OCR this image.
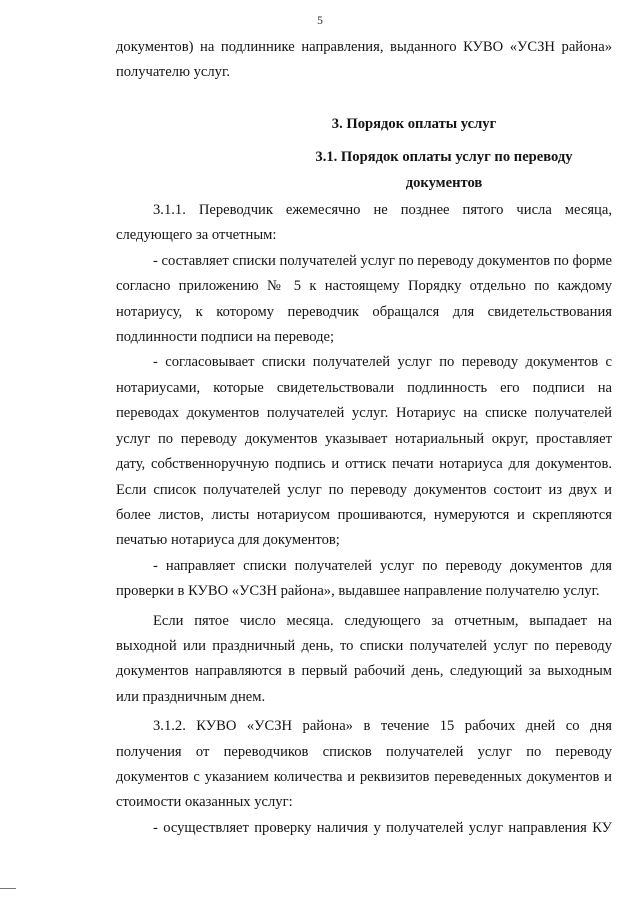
5

документов) на подлиннике направления, выданного КУВО «УСЗН района» получателю услуг.

3. Порядок оплаты услуг
3.1. Порядок оплаты услуг по переводу документов

3.1.1. Переводчик ежемесячно не позднее пятого числа месяца, следующего за отчетным:

- составляет списки получателей услуг по переводу документов по форме согласно приложению № 5 к настоящему Порядку отдельно по каждому нотариусу, к которому переводчик обращался для свидетельствования подлинности подписи на переводе;

- согласовывает списки получателей услуг по переводу документов с нотариусами, которые свидетельствовали подлинность его подписи на переводах документов получателей услуг. Нотариус на списке получателей услуг по переводу документов указывает нотариальный округ, проставляет дату, собственноручную подпись и оттиск печати нотариуса для документов. Если список получателей услуг по переводу документов состоит из двух и более листов, листы нотариусом прошиваются, нумеруются и скрепляются печатью нотариуса для документов;

- направляет списки получателей услуг по переводу документов для проверки в КУВО «УСЗН района», выдавшее направление получателю услуг.

Если пятое число месяца. следующего за отчетным, выпадает на выходной или праздничный день, то списки получателей услуг по переводу документов направляются в первый рабочий день, следующий за выходным или праздничным днем.

3.1.2. КУВО «УСЗН района» в течение 15 рабочих дней со дня получения от переводчиков списков получателей услуг по переводу документов с указанием количества и реквизитов переведенных документов и стоимости оказанных услуг:

- осуществляет проверку наличия у получателей услуг направления КУ
